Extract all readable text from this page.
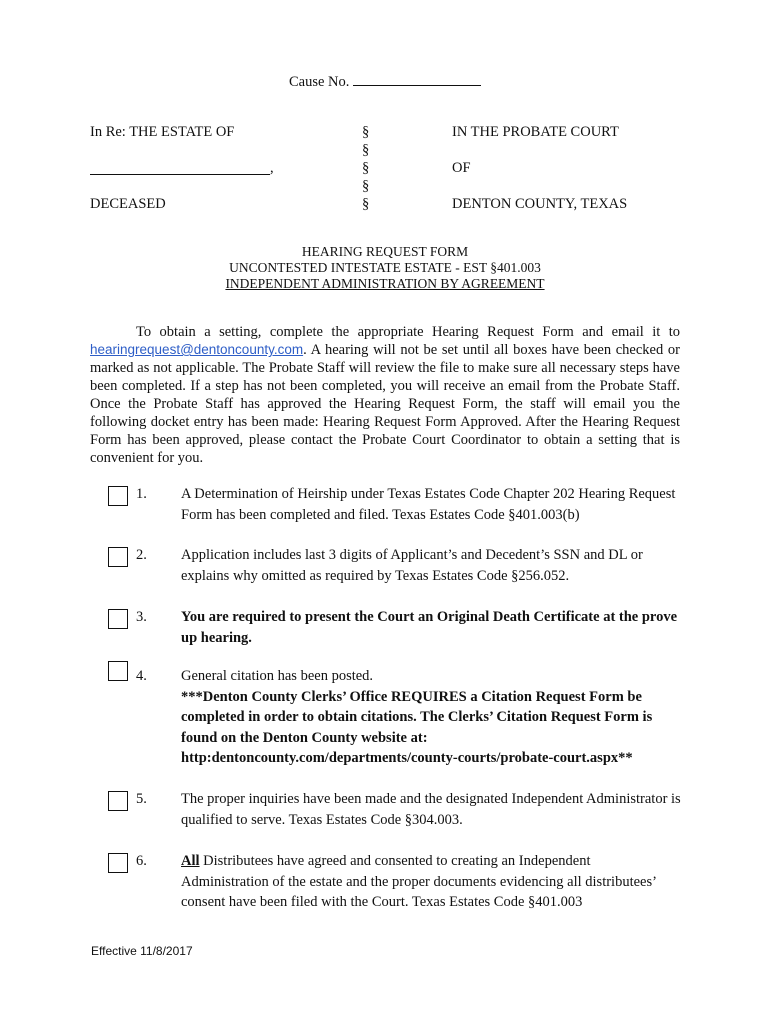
Cause No.
In Re: THE ESTATE OF
,
DECEASED
§
§
§
§
§
IN THE PROBATE COURT
OF
DENTON COUNTY, TEXAS
HEARING REQUEST FORM
UNCONTESTED INTESTATE ESTATE - EST §401.003
INDEPENDENT ADMINISTRATION BY AGREEMENT
To obtain a setting, complete the appropriate Hearing Request Form and email it to hearingrequest@dentoncounty.com. A hearing will not be set until all boxes have been checked or marked as not applicable. The Probate Staff will review the file to make sure all necessary steps have been completed. If a step has not been completed, you will receive an email from the Probate Staff. Once the Probate Staff has approved the Hearing Request Form, the staff will email you the following docket entry has been made: Hearing Request Form Approved. After the Hearing Request Form has been approved, please contact the Probate Court Coordinator to obtain a setting that is convenient for you.
1. A Determination of Heirship under Texas Estates Code Chapter 202 Hearing Request Form has been completed and filed. Texas Estates Code §401.003(b)
2. Application includes last 3 digits of Applicant’s and Decedent’s SSN and DL or explains why omitted as required by Texas Estates Code §256.052.
3. You are required to present the Court an Original Death Certificate at the prove up hearing.
4. General citation has been posted.
***Denton County Clerks’ Office REQUIRES a Citation Request Form be completed in order to obtain citations. The Clerks’ Citation Request Form is found on the Denton County website at: http:dentoncounty.com/departments/county-courts/probate-court.aspx**
5. The proper inquiries have been made and the designated Independent Administrator is qualified to serve. Texas Estates Code §304.003.
6. All Distributees have agreed and consented to creating an Independent Administration of the estate and the proper documents evidencing all distributees’ consent have been filed with the Court. Texas Estates Code §401.003
Effective 11/8/2017
